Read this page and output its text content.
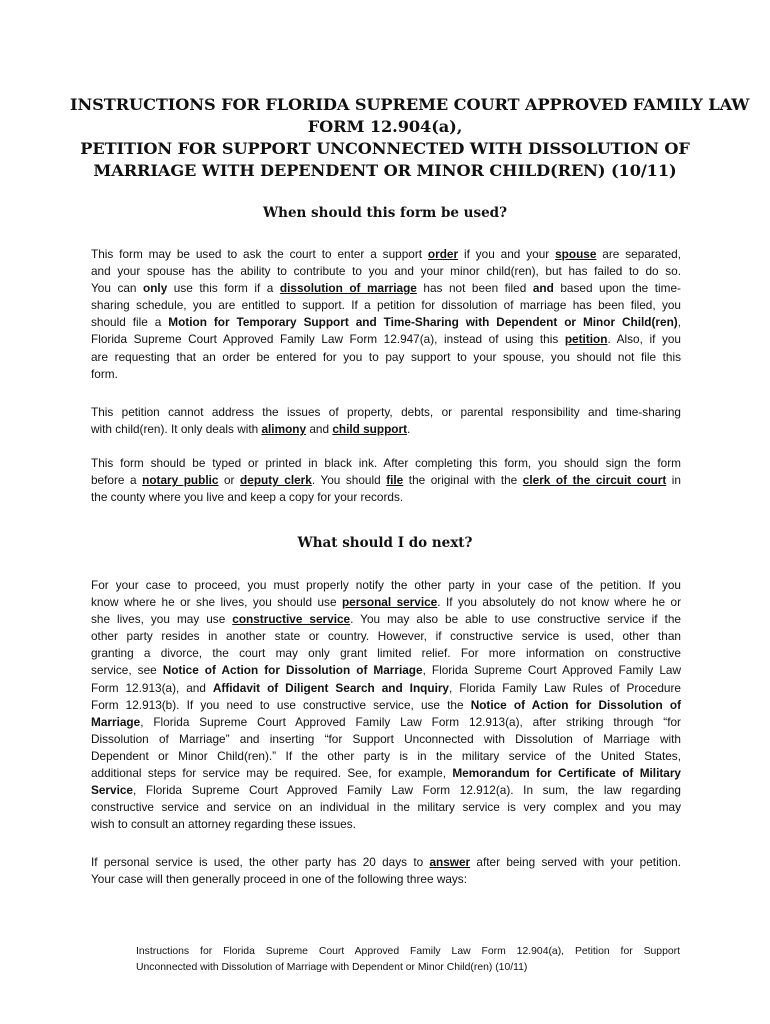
INSTRUCTIONS FOR FLORIDA SUPREME COURT APPROVED FAMILY LAW
FORM 12.904(a),
PETITION FOR SUPPORT UNCONNECTED WITH DISSOLUTION OF
MARRIAGE WITH DEPENDENT OR MINOR CHILD(REN) (10/11)
When should this form be used?
This form may be used to ask the court to enter a support order if you and your spouse are separated,
and your spouse has the ability to contribute to you and your minor child(ren), but has failed to do so.
You can only use this form if a dissolution of marriage has not been filed and based upon the time-
sharing schedule, you are entitled to support. If a petition for dissolution of marriage has been filed, you
should file a Motion for Temporary Support and Time-Sharing with Dependent or Minor Child(ren),
Florida Supreme Court Approved Family Law Form 12.947(a), instead of using this petition. Also, if you
are requesting that an order be entered for you to pay support to your spouse, you should not file this
form.
This petition cannot address the issues of property, debts, or parental responsibility and time-sharing
with child(ren). It only deals with alimony and child support.
This form should be typed or printed in black ink. After completing this form, you should sign the form
before a notary public or deputy clerk. You should file the original with the clerk of the circuit court in
the county where you live and keep a copy for your records.
What should I do next?
For your case to proceed, you must properly notify the other party in your case of the petition. If you
know where he or she lives, you should use personal service. If you absolutely do not know where he or
she lives, you may use constructive service. You may also be able to use constructive service if the
other party resides in another state or country. However, if constructive service is used, other than
granting a divorce, the court may only grant limited relief. For more information on constructive
service, see Notice of Action for Dissolution of Marriage, Florida Supreme Court Approved Family Law
Form 12.913(a), and Affidavit of Diligent Search and Inquiry, Florida Family Law Rules of Procedure
Form 12.913(b). If you need to use constructive service, use the Notice of Action for Dissolution of
Marriage, Florida Supreme Court Approved Family Law Form 12.913(a), after striking through “for
Dissolution of Marriage” and inserting “for Support Unconnected with Dissolution of Marriage with
Dependent or Minor Child(ren).” If the other party is in the military service of the United States,
additional steps for service may be required. See, for example, Memorandum for Certificate of Military
Service, Florida Supreme Court Approved Family Law Form 12.912(a). In sum, the law regarding
constructive service and service on an individual in the military service is very complex and you may
wish to consult an attorney regarding these issues.
If personal service is used, the other party has 20 days to answer after being served with your petition.
Your case will then generally proceed in one of the following three ways:
Instructions for Florida Supreme Court Approved Family Law Form 12.904(a), Petition for Support
Unconnected with Dissolution of Marriage with Dependent or Minor Child(ren) (10/11)
